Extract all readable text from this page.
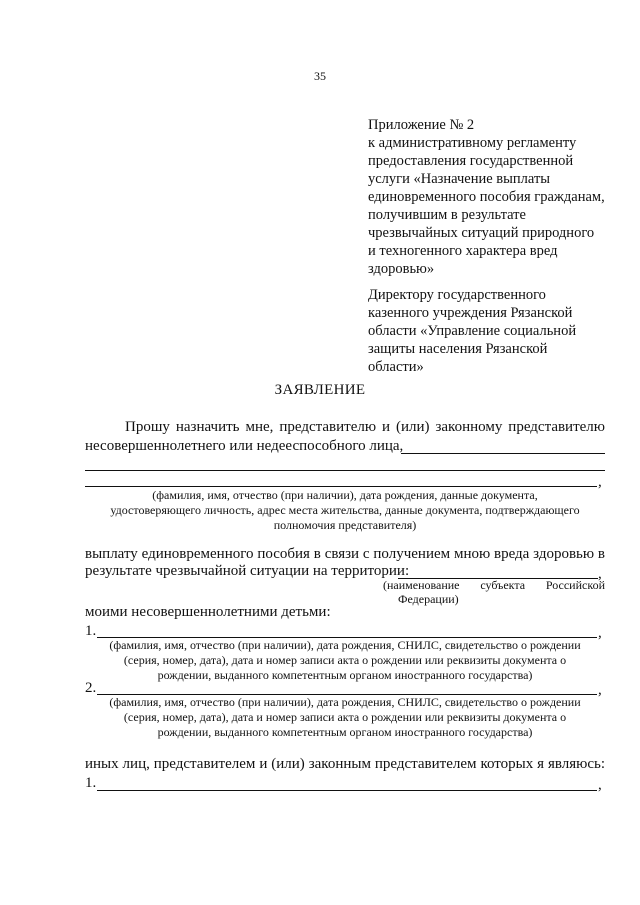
35
Приложение № 2
к административному регламенту
предоставления государственной
услуги «Назначение выплаты
единовременного пособия гражданам,
получившим в результате
чрезвычайных ситуаций природного
и техногенного характера вред
здоровью»
Директору государственного
казенного учреждения Рязанской
области «Управление социальной
защиты населения Рязанской
области»
ЗАЯВЛЕНИЕ
Прошу назначить мне, представителю и (или) законному представителю
несовершеннолетнего или недееспособного лица,
,
(фамилия, имя, отчество (при наличии), дата рождения, данные документа,
удостоверяющего личность, адрес места жительства, данные документа, подтверждающего
полномочия представителя)
выплату единовременного пособия в связи с получением мною вреда здоровью в
результате чрезвычайной ситуации на территории:	,
(наименование субъекта Российской
Федерации)
моими несовершеннолетними детьми:
1.	,
(фамилия, имя, отчество (при наличии), дата рождения, СНИЛС, свидетельство о рождении
(серия, номер, дата), дата и номер записи акта о рождении или реквизиты документа о
рождении, выданного компетентным органом иностранного государства)
2.	,
(фамилия, имя, отчество (при наличии), дата рождения, СНИЛС, свидетельство о рождении
(серия, номер, дата), дата и номер записи акта о рождении или реквизиты документа о
рождении, выданного компетентным органом иностранного государства)
иных лиц, представителем и (или) законным представителем которых я являюсь:
1.	,
